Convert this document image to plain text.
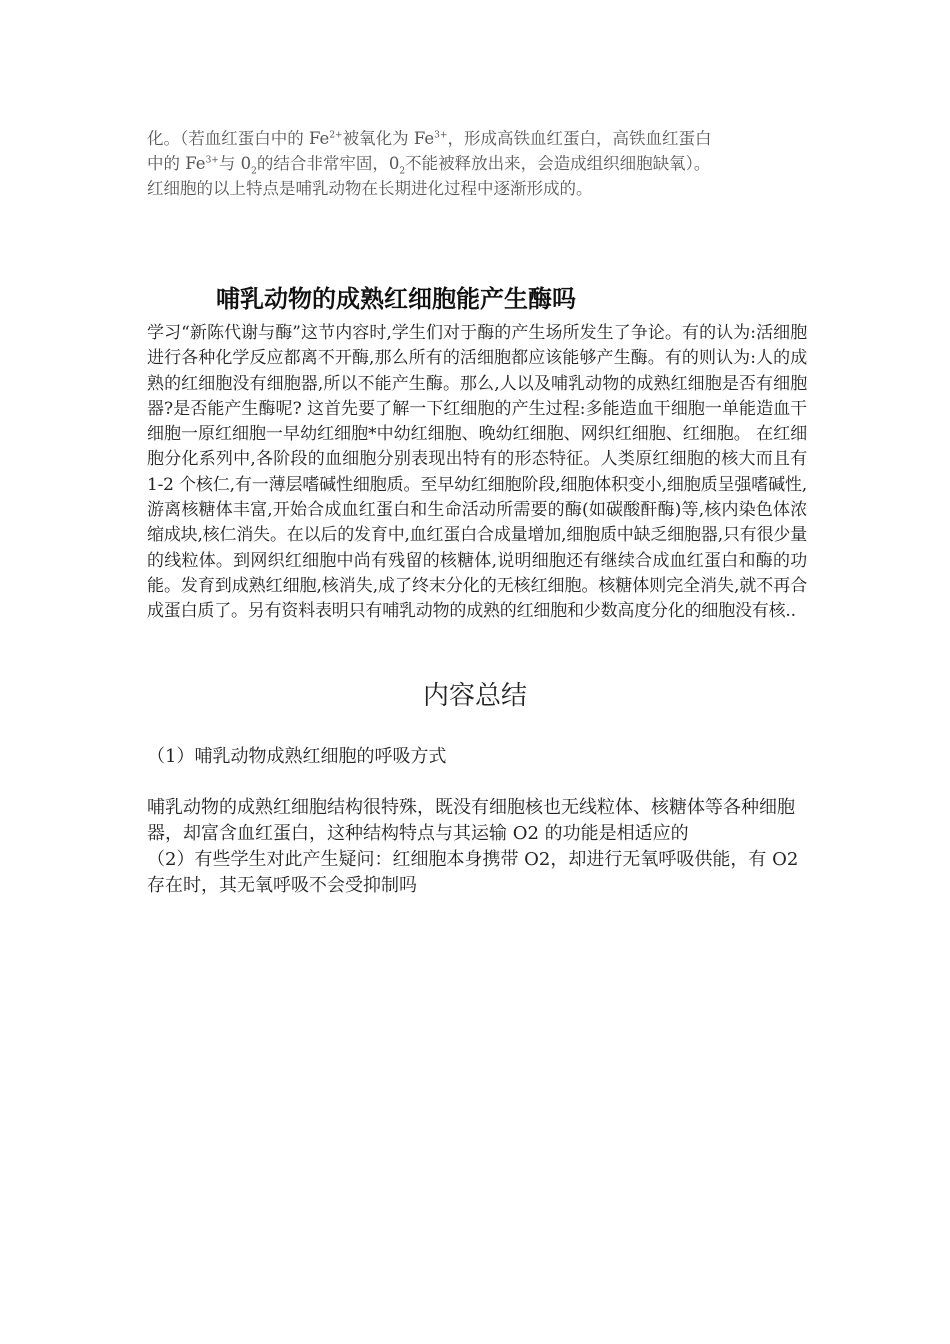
化。（若血红蛋白中的 $Fe^{2+}$被氧化为 $Fe^{3+}$，形成高铁血红蛋白，高铁血红蛋白

中的 $Fe^{3+}$与 $0_2$的结合非常牢固，$0_2$不能被释放出来，会造成组织细胞缺氧）。

红细胞的以上特点是哺乳动物在长期进化过程中逐渐形成的。

哺乳动物的成熟红细胞能产生酶吗
学习“新陈代谢与酶”这节内容时,学生们对于酶的产生场所发生了争论。有的认为:活细胞进行各种化学反应都离不开酶,那么所有的活细胞都应该能够产生酶。有的则认为:人的成熟的红细胞没有细胞器,所以不能产生酶。那么,人以及哺乳动物的成熟红细胞是否有细胞器?是否能产生酶呢? 这首先要了解一下红细胞的产生过程:多能造血干细胞一单能造血干细胞一原红细胞一早幼红细胞*中幼红细胞、晚幼红细胞、网织红细胞、红细胞。 在红细胞分化系列中,各阶段的血细胞分别表现出特有的形态特征。人类原红细胞的核大而且有 1-2 个核仁,有一薄层嗜碱性细胞质。至早幼红细胞阶段,细胞体积变小,细胞质呈强嗜碱性,游离核糖体丰富,开始合成血红蛋白和生命活动所需要的酶(如碳酸酐酶)等,核内染色体浓缩成块,核仁消失。在以后的发育中,血红蛋白合成量增加,细胞质中缺乏细胞器,只有很少量的线粒体。到网织红细胞中尚有残留的核糖体,说明细胞还有继续合成血红蛋白和酶的功能。发育到成熟红细胞,核消失,成了终末分化的无核红细胞。核糖体则完全消失,就不再合成蛋白质了。另有资料表明只有哺乳动物的成熟的红细胞和少数高度分化的细胞没有核..
内容总结
（1）哺乳动物成熟红细胞的呼吸方式

哺乳动物的成熟红细胞结构很特殊，既没有细胞核也无线粒体、核糖体等各种细胞器，却富含血红蛋白，这种结构特点与其运输 O2 的功能是相适应的

（2）有些学生对此产生疑问：红细胞本身携带 O2，却进行无氧呼吸供能，有 O2 存在时，其无氧呼吸不会受抑制吗
